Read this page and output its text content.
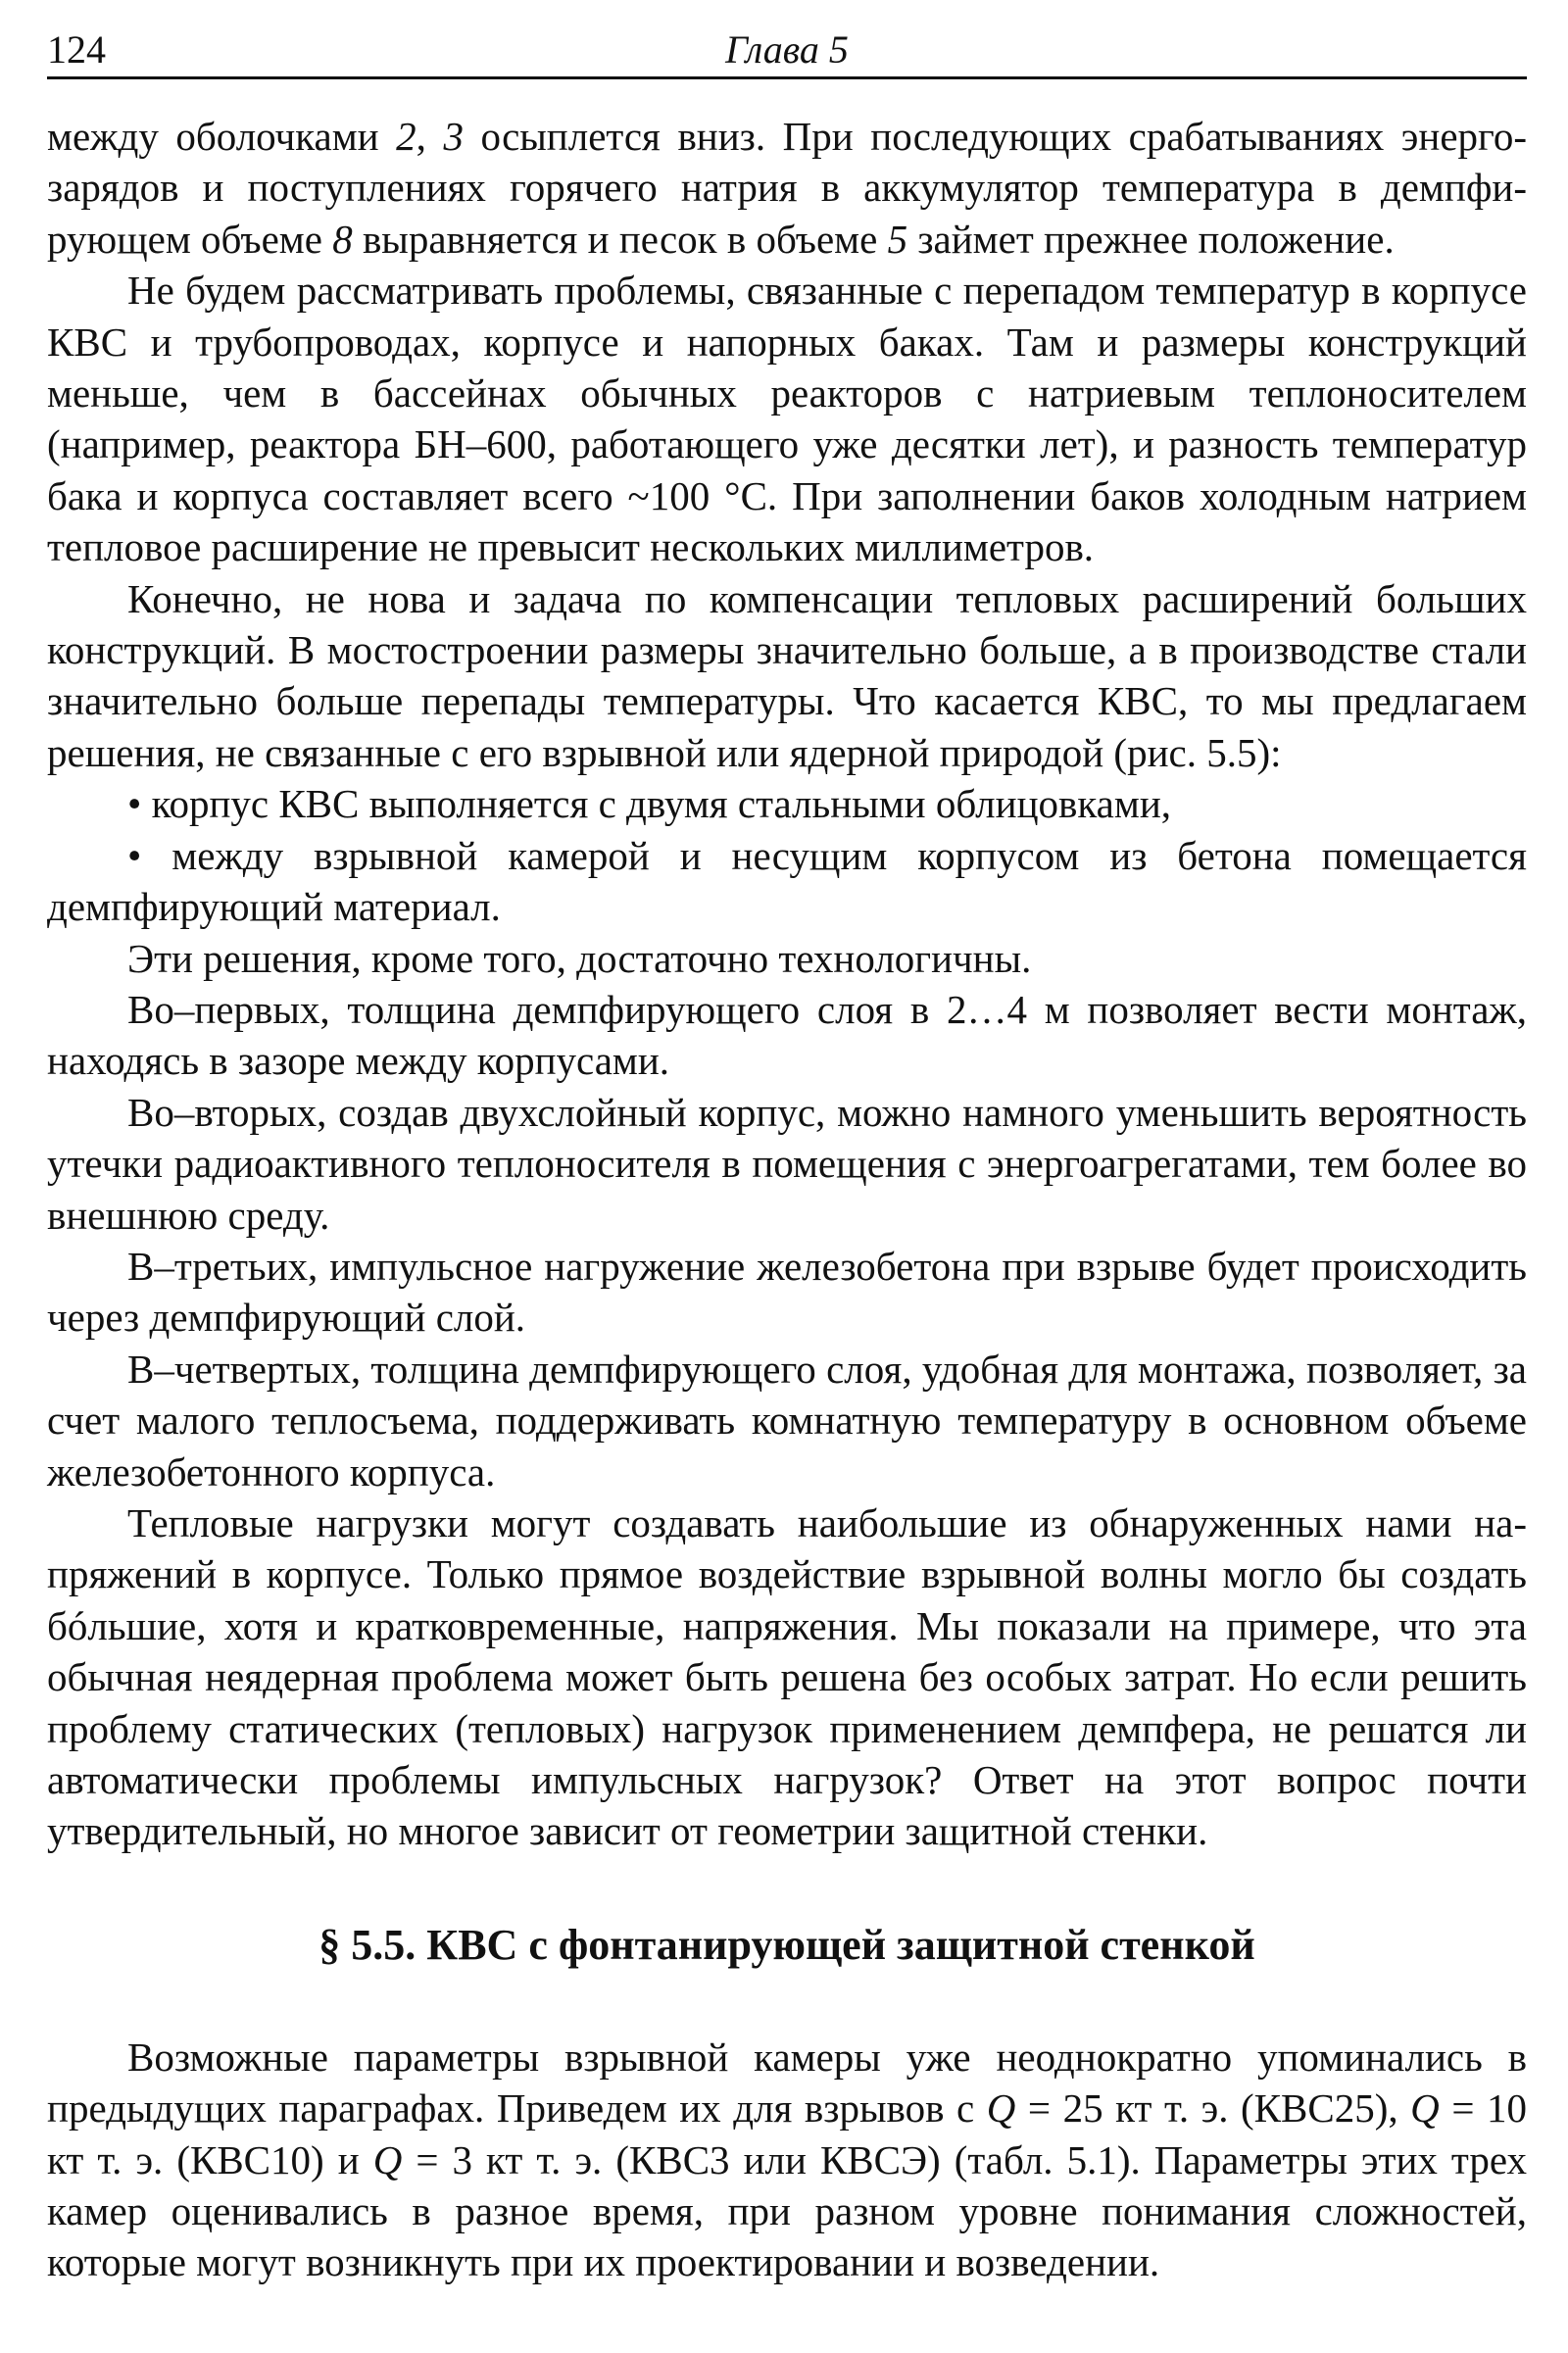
124	Глава 5

между оболочками 2, 3 осыплется вниз. При последующих срабатываниях энергозарядов и поступлениях горячего натрия в аккумулятор температура в демпфирующем объеме 8 выравняется и песок в объеме 5 займет прежнее положение.

Не будем рассматривать проблемы, связанные с перепадом температур в корпусе КВС и трубопроводах, корпусе и напорных баках. Там и размеры конструкций меньше, чем в бассейнах обычных реакторов с натриевым теплоносителем (например, реактора БН–600, работающего уже десятки лет), и разность температур бака и корпуса составляет всего ~100 °С. При заполнении баков холодным натрием тепловое расширение не превысит нескольких миллиметров.

Конечно, не нова и задача по компенсации тепловых расширений больших конструкций. В мостостроении размеры значительно больше, а в производстве стали значительно больше перепады температуры. Что касается КВС, то мы предлагаем решения, не связанные с его взрывной или ядерной природой (рис. 5.5):

• корпус КВС выполняется с двумя стальными облицовками,

• между взрывной камерой и несущим корпусом из бетона помещается демпфирующий материал.

Эти решения, кроме того, достаточно технологичны.

Во–первых, толщина демпфирующего слоя в 2…4 м позволяет вести монтаж, находясь в зазоре между корпусами.

Во–вторых, создав двухслойный корпус, можно намного уменьшить вероятность утечки радиоактивного теплоносителя в помещения с энергоагрегатами, тем более во внешнюю среду.

В–третьих, импульсное нагружение железобетона при взрыве будет происходить через демпфирующий слой.

В–четвертых, толщина демпфирующего слоя, удобная для монтажа, позволяет, за счет малого теплосъема, поддерживать комнатную температуру в основном объеме железобетонного корпуса.

Тепловые нагрузки могут создавать наибольшие из обнаруженных нами напряжений в корпусе. Только прямое воздействие взрывной волны могло бы создать бóльшие, хотя и кратковременные, напряжения. Мы показали на примере, что эта обычная неядерная проблема может быть решена без особых затрат. Но если решить проблему статических (тепловых) нагрузок применением демпфера, не решатся ли автоматически проблемы импульсных нагрузок? Ответ на этот вопрос почти утвердительный, но многое зависит от геометрии защитной стенки.

§ 5.5. КВС с фонтанирующей защитной стенкой

Возможные параметры взрывной камеры уже неоднократно упоминались в предыдущих параграфах. Приведем их для взрывов с Q = 25 кт т. э. (КВС25), Q = 10 кт т. э. (КВС10) и Q = 3 кт т. э. (КВС3 или КВСЭ) (табл. 5.1). Параметры этих трех камер оценивались в разное время, при разном уровне понимания сложностей, которые могут возникнуть при их проектировании и возведении.
